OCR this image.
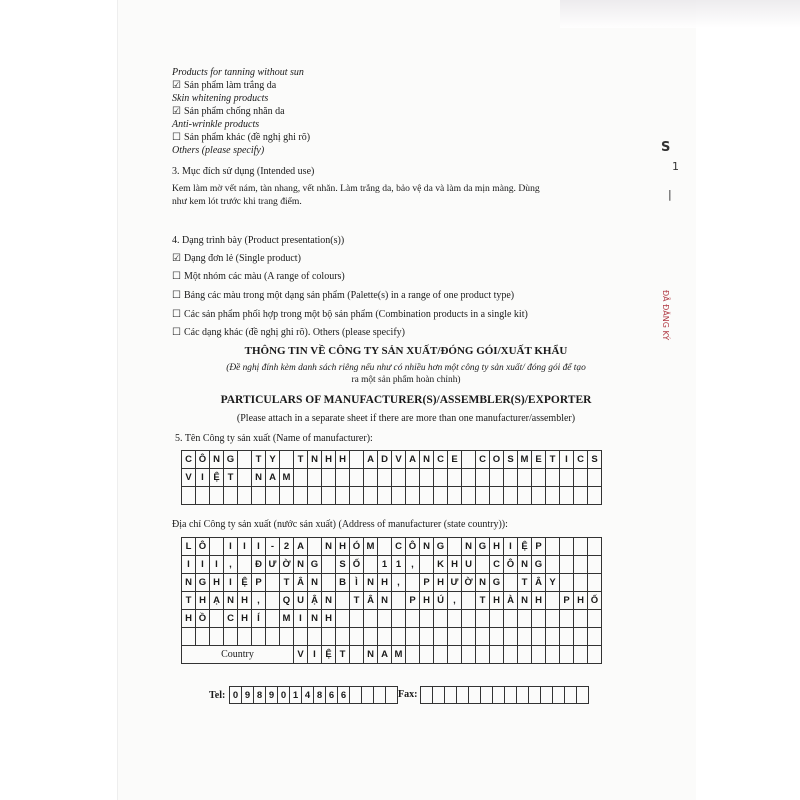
Products for tanning without sun
☑ Sản phẩm làm trắng da
Skin whitening products
☑ Sản phẩm chống nhăn da
Anti-wrinkle products
☐ Sản phẩm khác (đề nghị ghi rõ)
Others (please specify)
3. Mục đích sử dụng (Intended use)
Kem làm mờ vết nám, tàn nhang, vết nhăn. Làm trắng da, bảo vệ da và làm da mịn màng. Dùng
như kem lót trước khi trang điểm.
4. Dạng trình bày (Product presentation(s))
☑ Dạng đơn lẻ (Single product)
☐ Một nhóm các màu (A range of colours)
☐ Bảng các màu trong một dạng sản phẩm (Palette(s) in a range of one product type)
☐ Các sản phẩm phối hợp trong một bộ sản phẩm (Combination products in a single kit)
☐ Các dạng khác (đề nghị ghi rõ). Others (please specify)
THÔNG TIN VỀ CÔNG TY SẢN XUẤT/ĐÓNG GÓI/XUẤT KHẨU
(Đề nghị đính kèm danh sách riêng nếu như có nhiều hơn một công ty sản xuất/ đóng gói để tạo
ra một sản phẩm hoàn chỉnh)
PARTICULARS OF MANUFACTURER(S)/ASSEMBLER(S)/EXPORTER
(Please attach in a separate sheet if there are more than one manufacturer/assembler)
5. Tên Công ty sản xuất (Name of manufacturer):
C	Ô	N	G		T	Y		T	N	H	H		A	D	V	A	N	C	E		C	O	S	M	E	T	I	C	S
V	I	Ệ	T		N	A	M																						

Địa chỉ Công ty sản xuất (nước sản xuất) (Address of manufacturer (state country)):
L	Ô		I	I	I	-	2	A		N	H	Ó	M		C	Ô	N	G		N	G	H	I	Ệ	P				
I	I	I	,		Đ	Ư	Ờ	N	G		S	Ố		1	1	,		K	H	U		C	Ô	N	G				
N	G	H	I	Ệ	P		T	Â	N		B	Ì	N	H	,		P	H	Ư	Ờ	N	G		T	Â	Y			
T	H	Ạ	N	H	,		Q	U	Ậ	N		T	Â	N		P	H	Ú	,		T	H	À	N	H		P	H	Ố
H	Ồ		C	H	Í		M	I	N	H																			

Country								V	I	Ệ	T		N	A	M														
Tel: 0	9	8	9	0	1	4	8	6	6					Fax:

S
1
|
ĐÃ ĐĂNG KÝ
